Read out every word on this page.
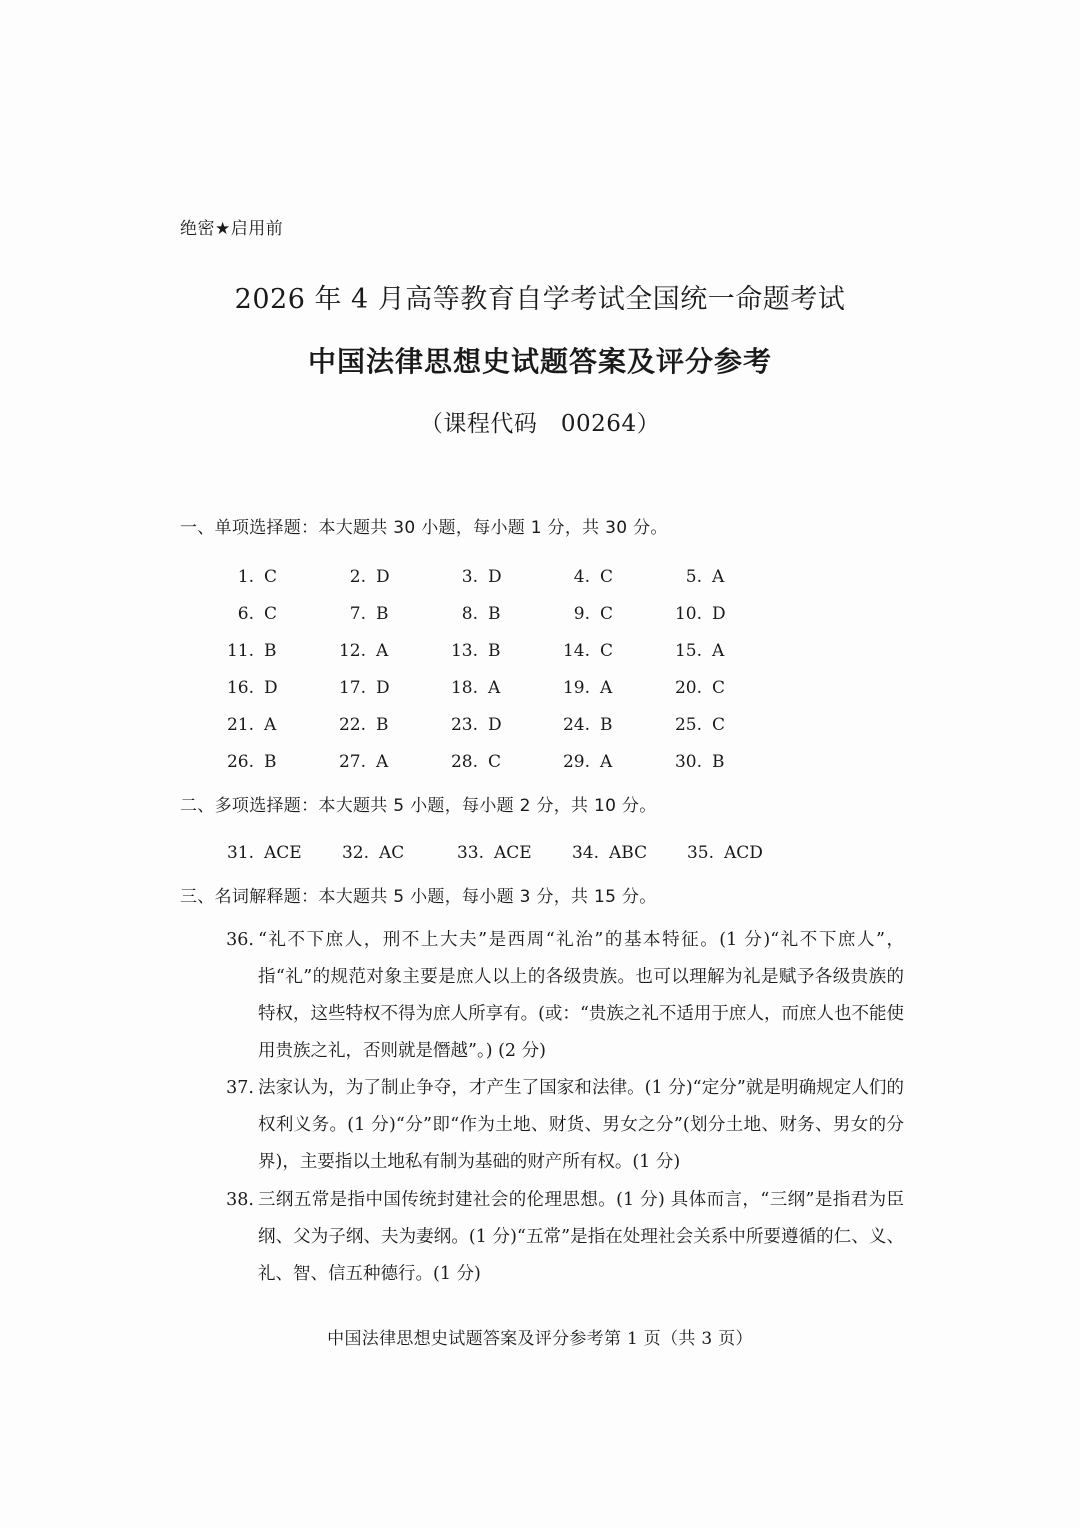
绝密★启用前
2026 年 4 月高等教育自学考试全国统一命题考试
中国法律思想史试题答案及评分参考
（课程代码　00264）
一、单项选择题：本大题共 30 小题，每小题 1 分，共 30 分。
1. C	2. D	3. D	4. C	5. A
6. C	7. B	8. B	9. C	10. D
11. B	12. A	13. B	14. C	15. A
16. D	17. D	18. A	19. A	20. C
21. A	22. B	23. D	24. B	25. C
26. B	27. A	28. C	29. A	30. B
二、多项选择题：本大题共 5 小题，每小题 2 分，共 10 分。
31. ACE	32. AC	33. ACE	34. ABC	35. ACD
三、名词解释题：本大题共 5 小题，每小题 3 分，共 15 分。
36. “礼不下庶人，刑不上大夫”是西周“礼治”的基本特征。(1 分)“礼不下庶人”，指“礼”的规范对象主要是庶人以上的各级贵族。也可以理解为礼是赋予各级贵族的特权，这些特权不得为庶人所享有。(或：“贵族之礼不适用于庶人，而庶人也不能使用贵族之礼，否则就是僭越”。) (2 分)
37. 法家认为，为了制止争夺，才产生了国家和法律。(1 分)“定分”就是明确规定人们的权利义务。(1 分)“分”即“作为土地、财货、男女之分”(划分土地、财务、男女的分界)，主要指以土地私有制为基础的财产所有权。(1 分)
38. 三纲五常是指中国传统封建社会的伦理思想。(1 分) 具体而言，“三纲”是指君为臣纲、父为子纲、夫为妻纲。(1 分)“五常”是指在处理社会关系中所要遵循的仁、义、礼、智、信五种德行。(1 分)
中国法律思想史试题答案及评分参考第 1 页（共 3 页）
